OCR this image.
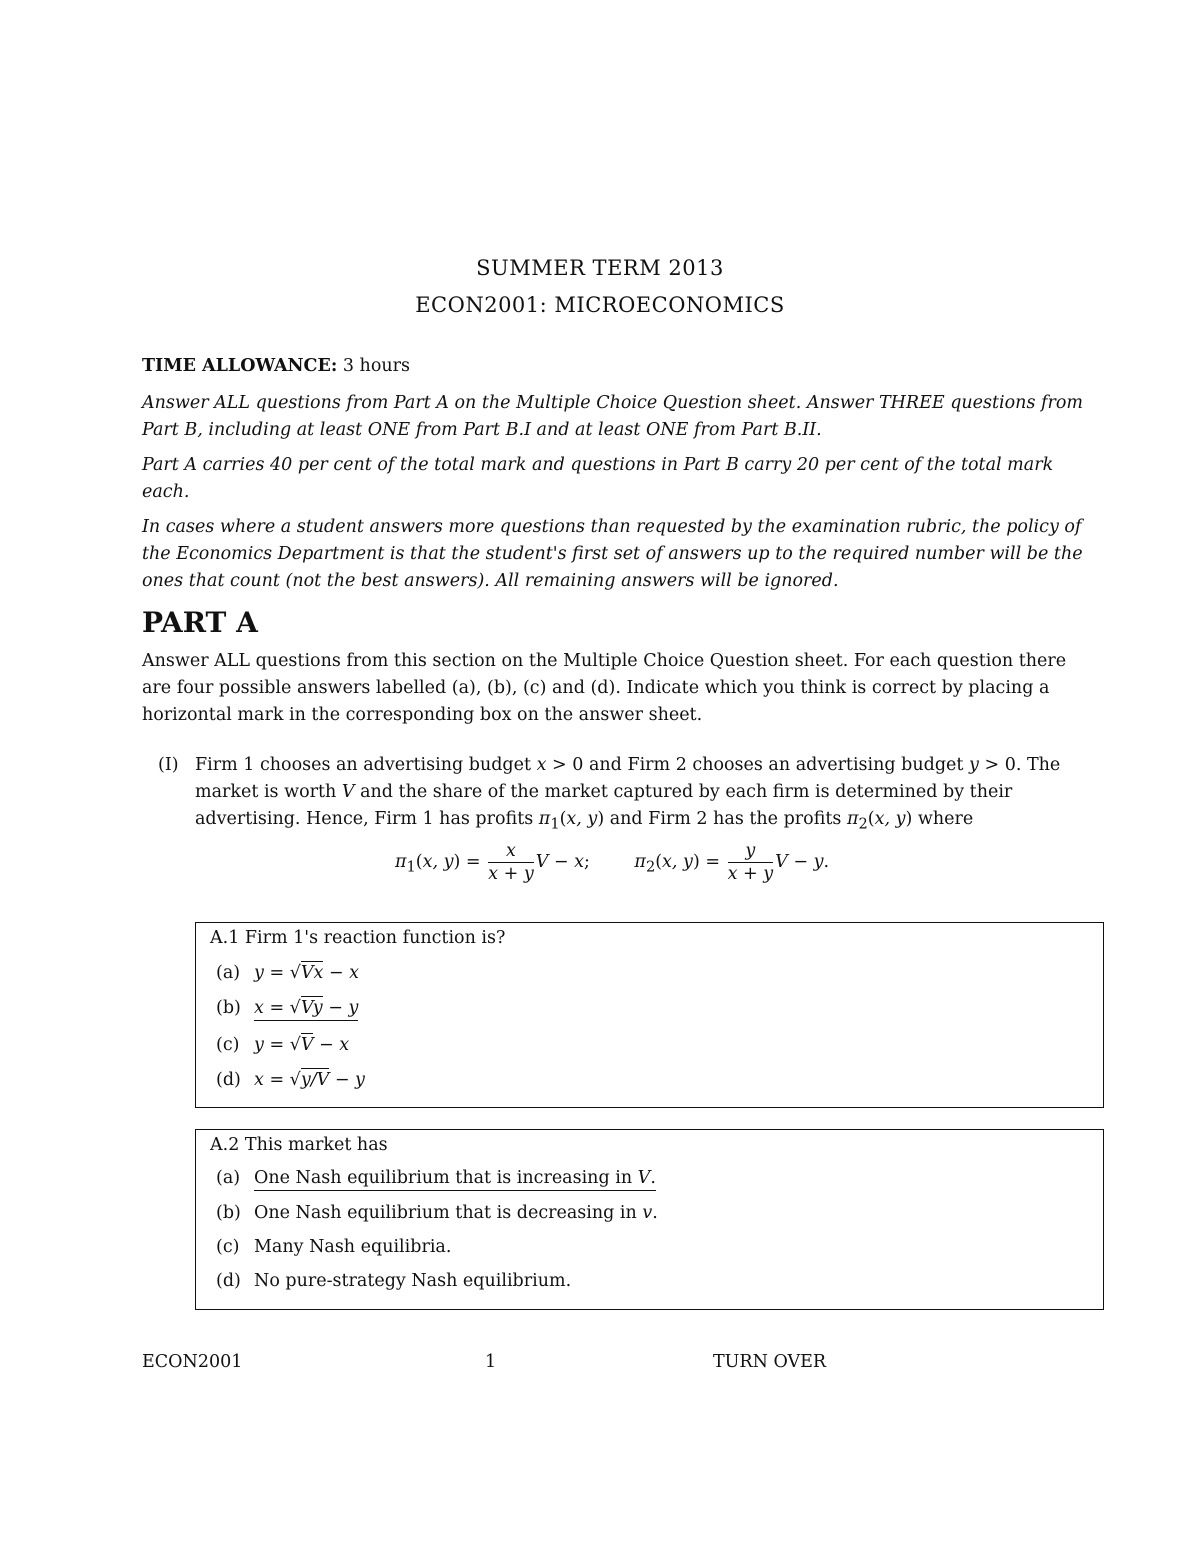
SUMMER TERM 2013
ECON2001: MICROECONOMICS
TIME ALLOWANCE: 3 hours
Answer ALL questions from Part A on the Multiple Choice Question sheet. Answer THREE questions from Part B, including at least ONE from Part B.I and at least ONE from Part B.II.
Part A carries 40 per cent of the total mark and questions in Part B carry 20 per cent of the total mark each.
In cases where a student answers more questions than requested by the examination rubric, the policy of the Economics Department is that the student's first set of answers up to the required number will be the ones that count (not the best answers). All remaining answers will be ignored.
PART A
Answer ALL questions from this section on the Multiple Choice Question sheet. For each question there are four possible answers labelled (a), (b), (c) and (d). Indicate which you think is correct by placing a horizontal mark in the corresponding box on the answer sheet.
(I) Firm 1 chooses an advertising budget x > 0 and Firm 2 chooses an advertising budget y > 0. The market is worth V and the share of the market captured by each firm is determined by their advertising. Hence, Firm 1 has profits $\pi_1(x$, y) and Firm 2 has the profits $\pi_2(x$, y) where
$\pi_1(x$, $y) = \frac{x}{x + y}$ V − x;        $\pi_2(x$, $y) = \frac{y}{x + y}$ V − y.
A.1 Firm 1's reaction function is?
(a) y = √Vx − x
(b) x = √Vy − y
(c) y = √V − x
(d) x = √y/V − y
A.2 This market has
(a) One Nash equilibrium that is increasing in V.
(b) One Nash equilibrium that is decreasing in v.
(c) Many Nash equilibria.
(d) No pure-strategy Nash equilibrium.
ECON2001	1	TURN OVER
